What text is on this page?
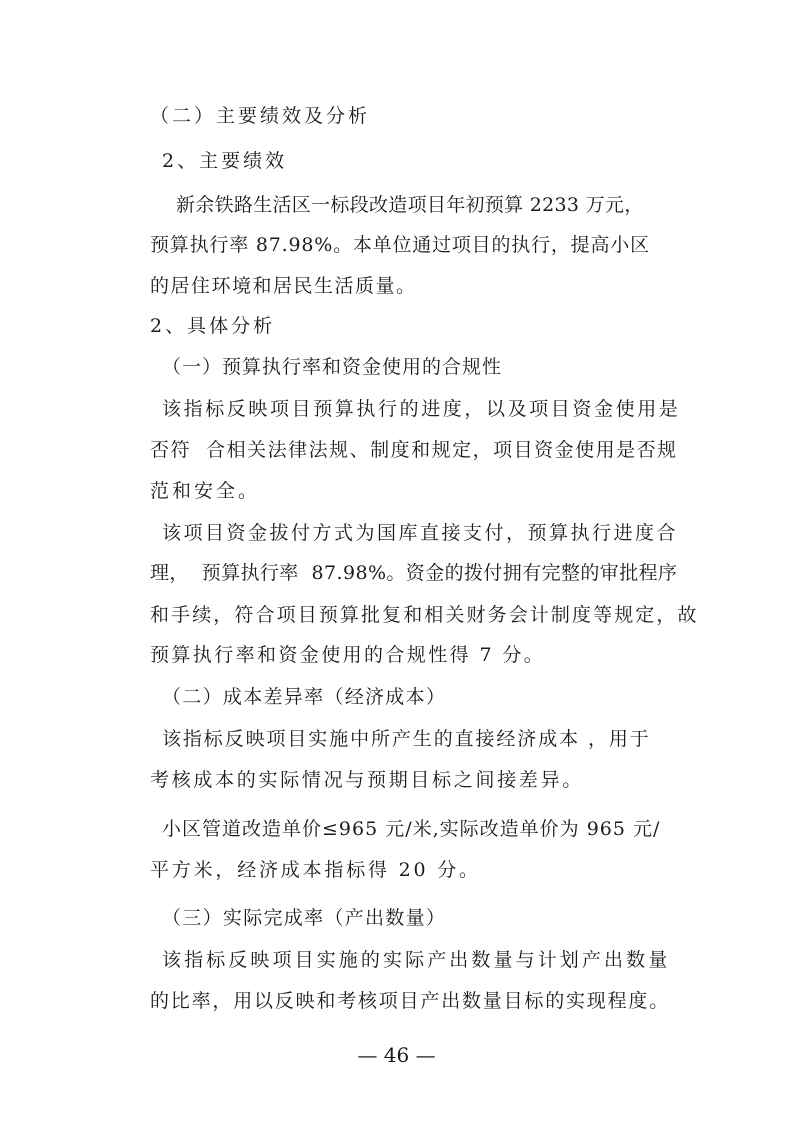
（二）主要绩效及分析

2、主要绩效

新余铁路生活区一标段改造项目年初预算 2233 万元，

预算执行率 87.98%。本单位通过项目的执行，提高小区

的居住环境和居民生活质量。

2、具体分析

（一）预算执行率和资金使用的合规性

该指标反映项目预算执行的进度，以及项目资金使用是

否符  合相关法律法规、制度和规定，项目资金使用是否规

范和安全。

该项目资金拔付方式为国库直接支付，预算执行进度合

理，  预算执行率  87.98%。资金的拨付拥有完整的审批程序

和手续，符合项目预算批复和相关财务会计制度等规定，故

预算执行率和资金使用的合规性得 7 分。

（二）成本差异率（经济成本）

该指标反映项目实施中所产生的直接经济成本 ，用于

考核成本的实际情况与预期目标之间接差异。

小区管道改造单价≤965 元/米,实际改造单价为 965 元/

平方米，经济成本指标得 20 分。

（三）实际完成率（产出数量）

该指标反映项目实施的实际产出数量与计划产出数量

的比率，用以反映和考核项目产出数量目标的实现程度。

— 46 —
